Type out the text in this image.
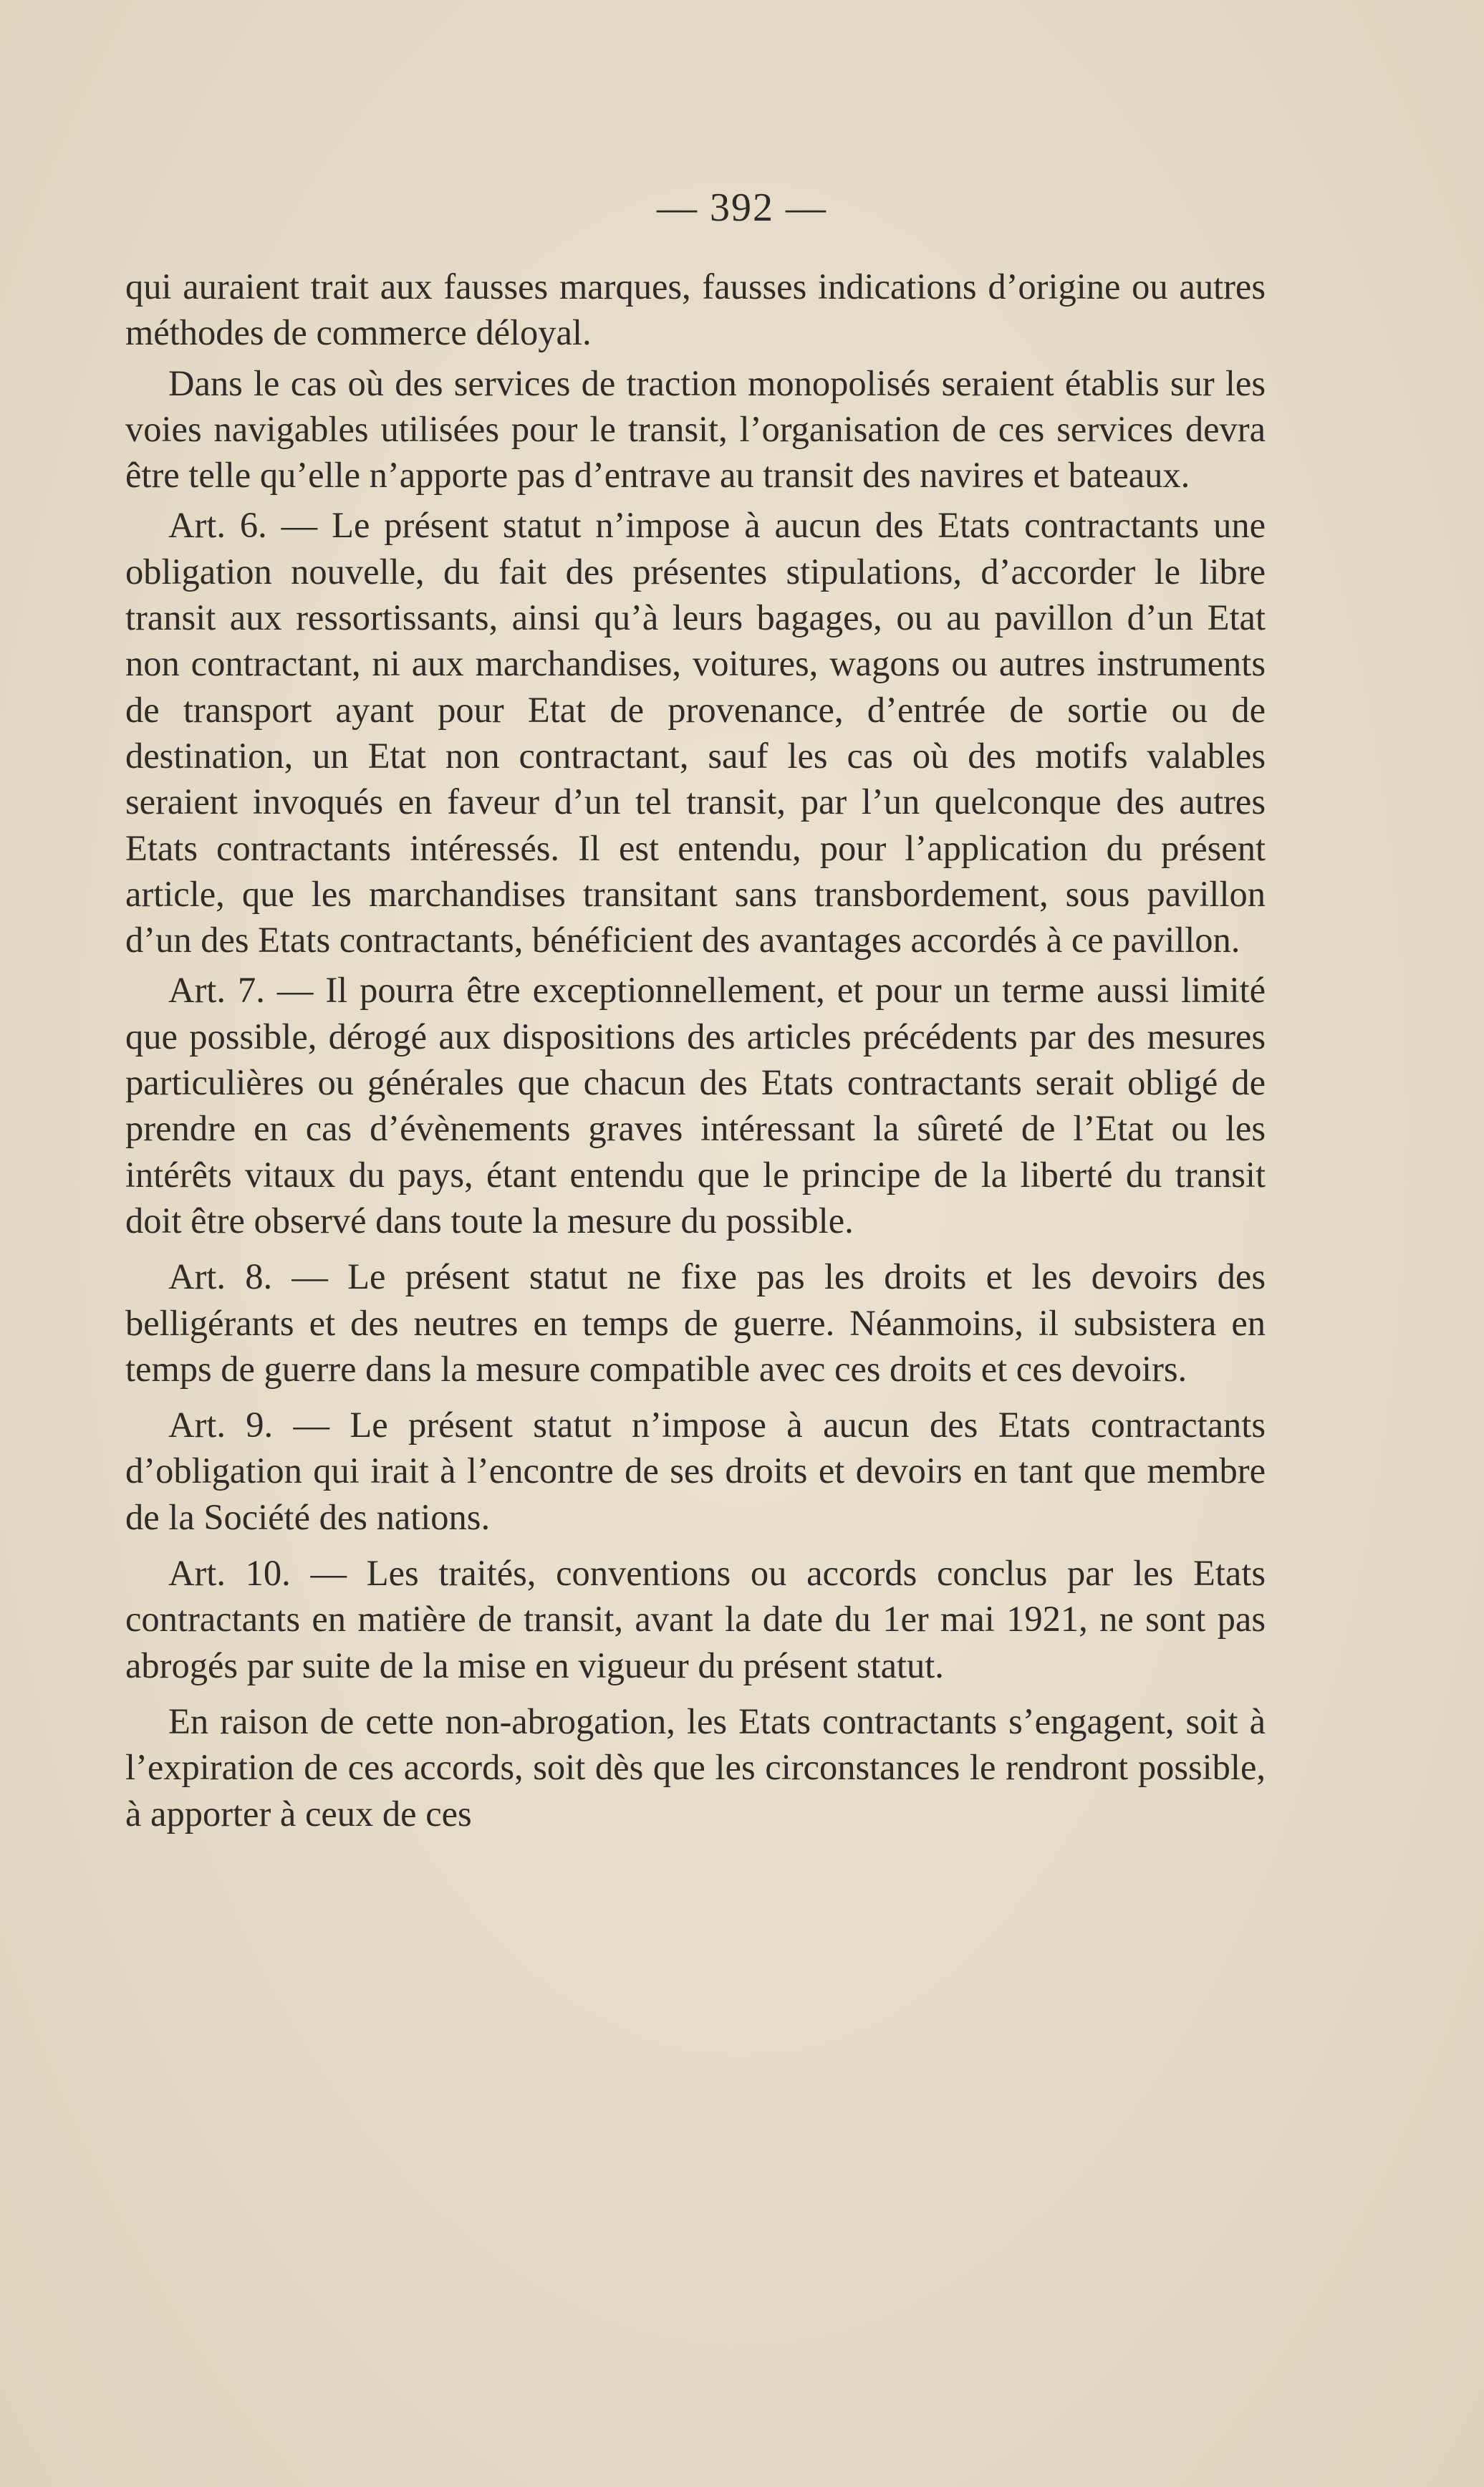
— 392 —

qui auraient trait aux fausses marques, fausses indications d’origine ou autres méthodes de commerce déloyal.

Dans le cas où des services de traction monopolisés seraient établis sur les voies navigables utilisées pour le transit, l’organisation de ces services devra être telle qu’elle n’apporte pas d’entrave au transit des navires et bateaux.

Art. 6. — Le présent statut n’impose à aucun des Etats contractants une obligation nouvelle, du fait des présentes stipulations, d’accorder le libre transit aux ressortissants, ainsi qu’à leurs bagages, ou au pavillon d’un Etat non contractant, ni aux marchandises, voitures, wagons ou autres instruments de transport ayant pour Etat de provenance, d’entrée de sortie ou de destination, un Etat non contractant, sauf les cas où des motifs valables seraient invoqués en faveur d’un tel transit, par l’un quelconque des autres Etats contractants intéressés. Il est entendu, pour l’application du présent article, que les marchandises transitant sans transbordement, sous pavillon d’un des Etats contractants, bénéficient des avantages accordés à ce pavillon.

Art. 7. — Il pourra être exceptionnellement, et pour un terme aussi limité que possible, dérogé aux dispositions des articles précédents par des mesures particulières ou générales que chacun des Etats contractants serait obligé de prendre en cas d’évènements graves intéressant la sûreté de l’Etat ou les intérêts vitaux du pays, étant entendu que le principe de la liberté du transit doit être observé dans toute la mesure du possible.

Art. 8. — Le présent statut ne fixe pas les droits et les devoirs des belligérants et des neutres en temps de guerre. Néanmoins, il subsistera en temps de guerre dans la mesure compatible avec ces droits et ces devoirs.

Art. 9. — Le présent statut n’impose à aucun des Etats contractants d’obligation qui irait à l’encontre de ses droits et devoirs en tant que membre de la Société des nations.

Art. 10. — Les traités, conventions ou accords conclus par les Etats contractants en matière de transit, avant la date du 1er mai 1921, ne sont pas abrogés par suite de la mise en vigueur du présent statut.

En raison de cette non-abrogation, les Etats contractants s’engagent, soit à l’expiration de ces accords, soit dès que les circonstances le rendront possible, à apporter à ceux de ces
